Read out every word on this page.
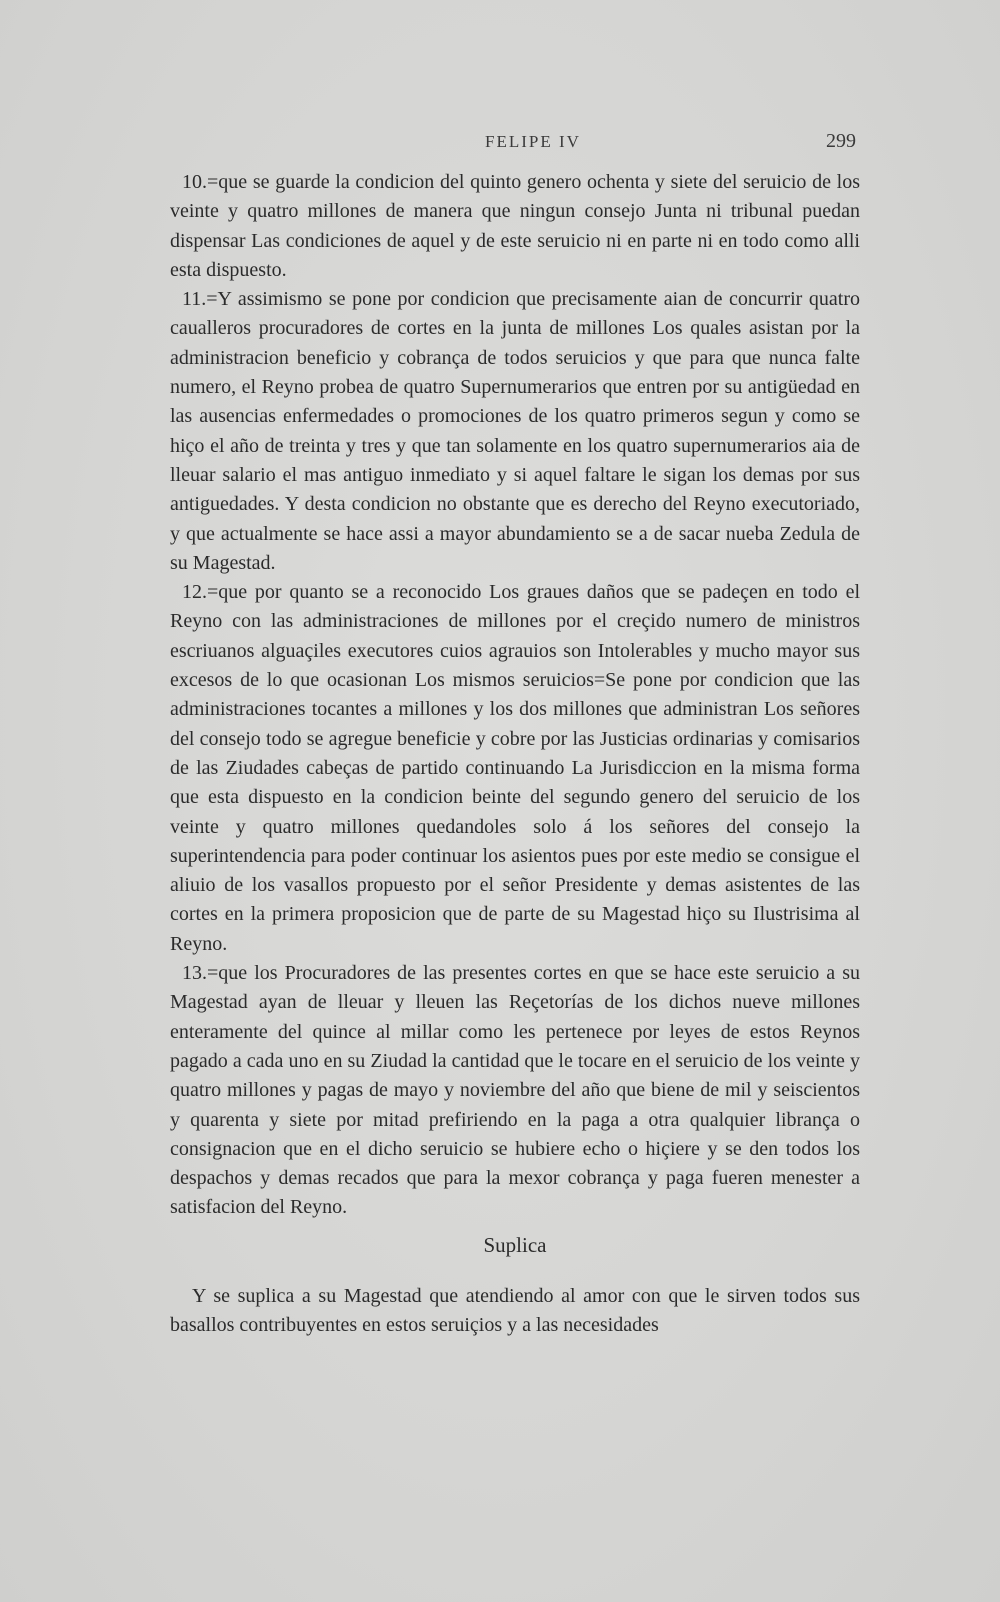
FELIPE IV	299

10.=que se guarde la condicion del quinto genero ochenta y siete del seruicio de los veinte y quatro millones de manera que ningun consejo Junta ni tribunal puedan dispensar Las condiciones de aquel y de este seruicio ni en parte ni en todo como alli esta dispuesto.

11.=Y assimismo se pone por condicion que precisamente aian de concurrir quatro caualleros procuradores de cortes en la junta de millones Los quales asistan por la administracion beneficio y cobrança de todos seruicios y que para que nunca falte numero, el Reyno probea de quatro Supernumerarios que entren por su antigüedad en las ausencias enfermedades o promociones de los quatro primeros segun y como se hiço el año de treinta y tres y que tan solamente en los quatro supernumerarios aia de lleuar salario el mas antiguo inmediato y si aquel faltare le sigan los demas por sus antiguedades. Y desta condicion no obstante que es derecho del Reyno executoriado, y que actualmente se hace assi a mayor abundamiento se a de sacar nueba Zedula de su Magestad.

12.=que por quanto se a reconocido Los graues daños que se padeçen en todo el Reyno con las administraciones de millones por el creçido numero de ministros escriuanos alguaçiles executores cuios agrauios son Intolerables y mucho mayor sus excesos de lo que ocasionan Los mismos seruicios=Se pone por condicion que las administraciones tocantes a millones y los dos millones que administran Los señores del consejo todo se agregue beneficie y cobre por las Justicias ordinarias y comisarios de las Ziudades cabeças de partido continuando La Jurisdiccion en la misma forma que esta dispuesto en la condicion beinte del segundo genero del seruicio de los veinte y quatro millones quedandoles solo á los señores del consejo la superintendencia para poder continuar los asientos pues por este medio se consigue el aliuio de los vasallos propuesto por el señor Presidente y demas asistentes de las cortes en la primera proposicion que de parte de su Magestad hiço su Ilustrisima al Reyno.

13.=que los Procuradores de las presentes cortes en que se hace este seruicio a su Magestad ayan de lleuar y lleuen las Reçetorías de los dichos nueve millones enteramente del quince al millar como les pertenece por leyes de estos Reynos pagado a cada uno en su Ziudad la cantidad que le tocare en el seruicio de los veinte y quatro millones y pagas de mayo y noviembre del año que biene de mil y seiscientos y quarenta y siete por mitad prefiriendo en la paga a otra qualquier librança o consignacion que en el dicho seruicio se hubiere echo o hiçiere y se den todos los despachos y demas recados que para la mexor cobrança y paga fueren menester a satisfacion del Reyno.

Suplica

Y se suplica a su Magestad que atendiendo al amor con que le sirven todos sus basallos contribuyentes en estos seruiçios y a las necesidades
